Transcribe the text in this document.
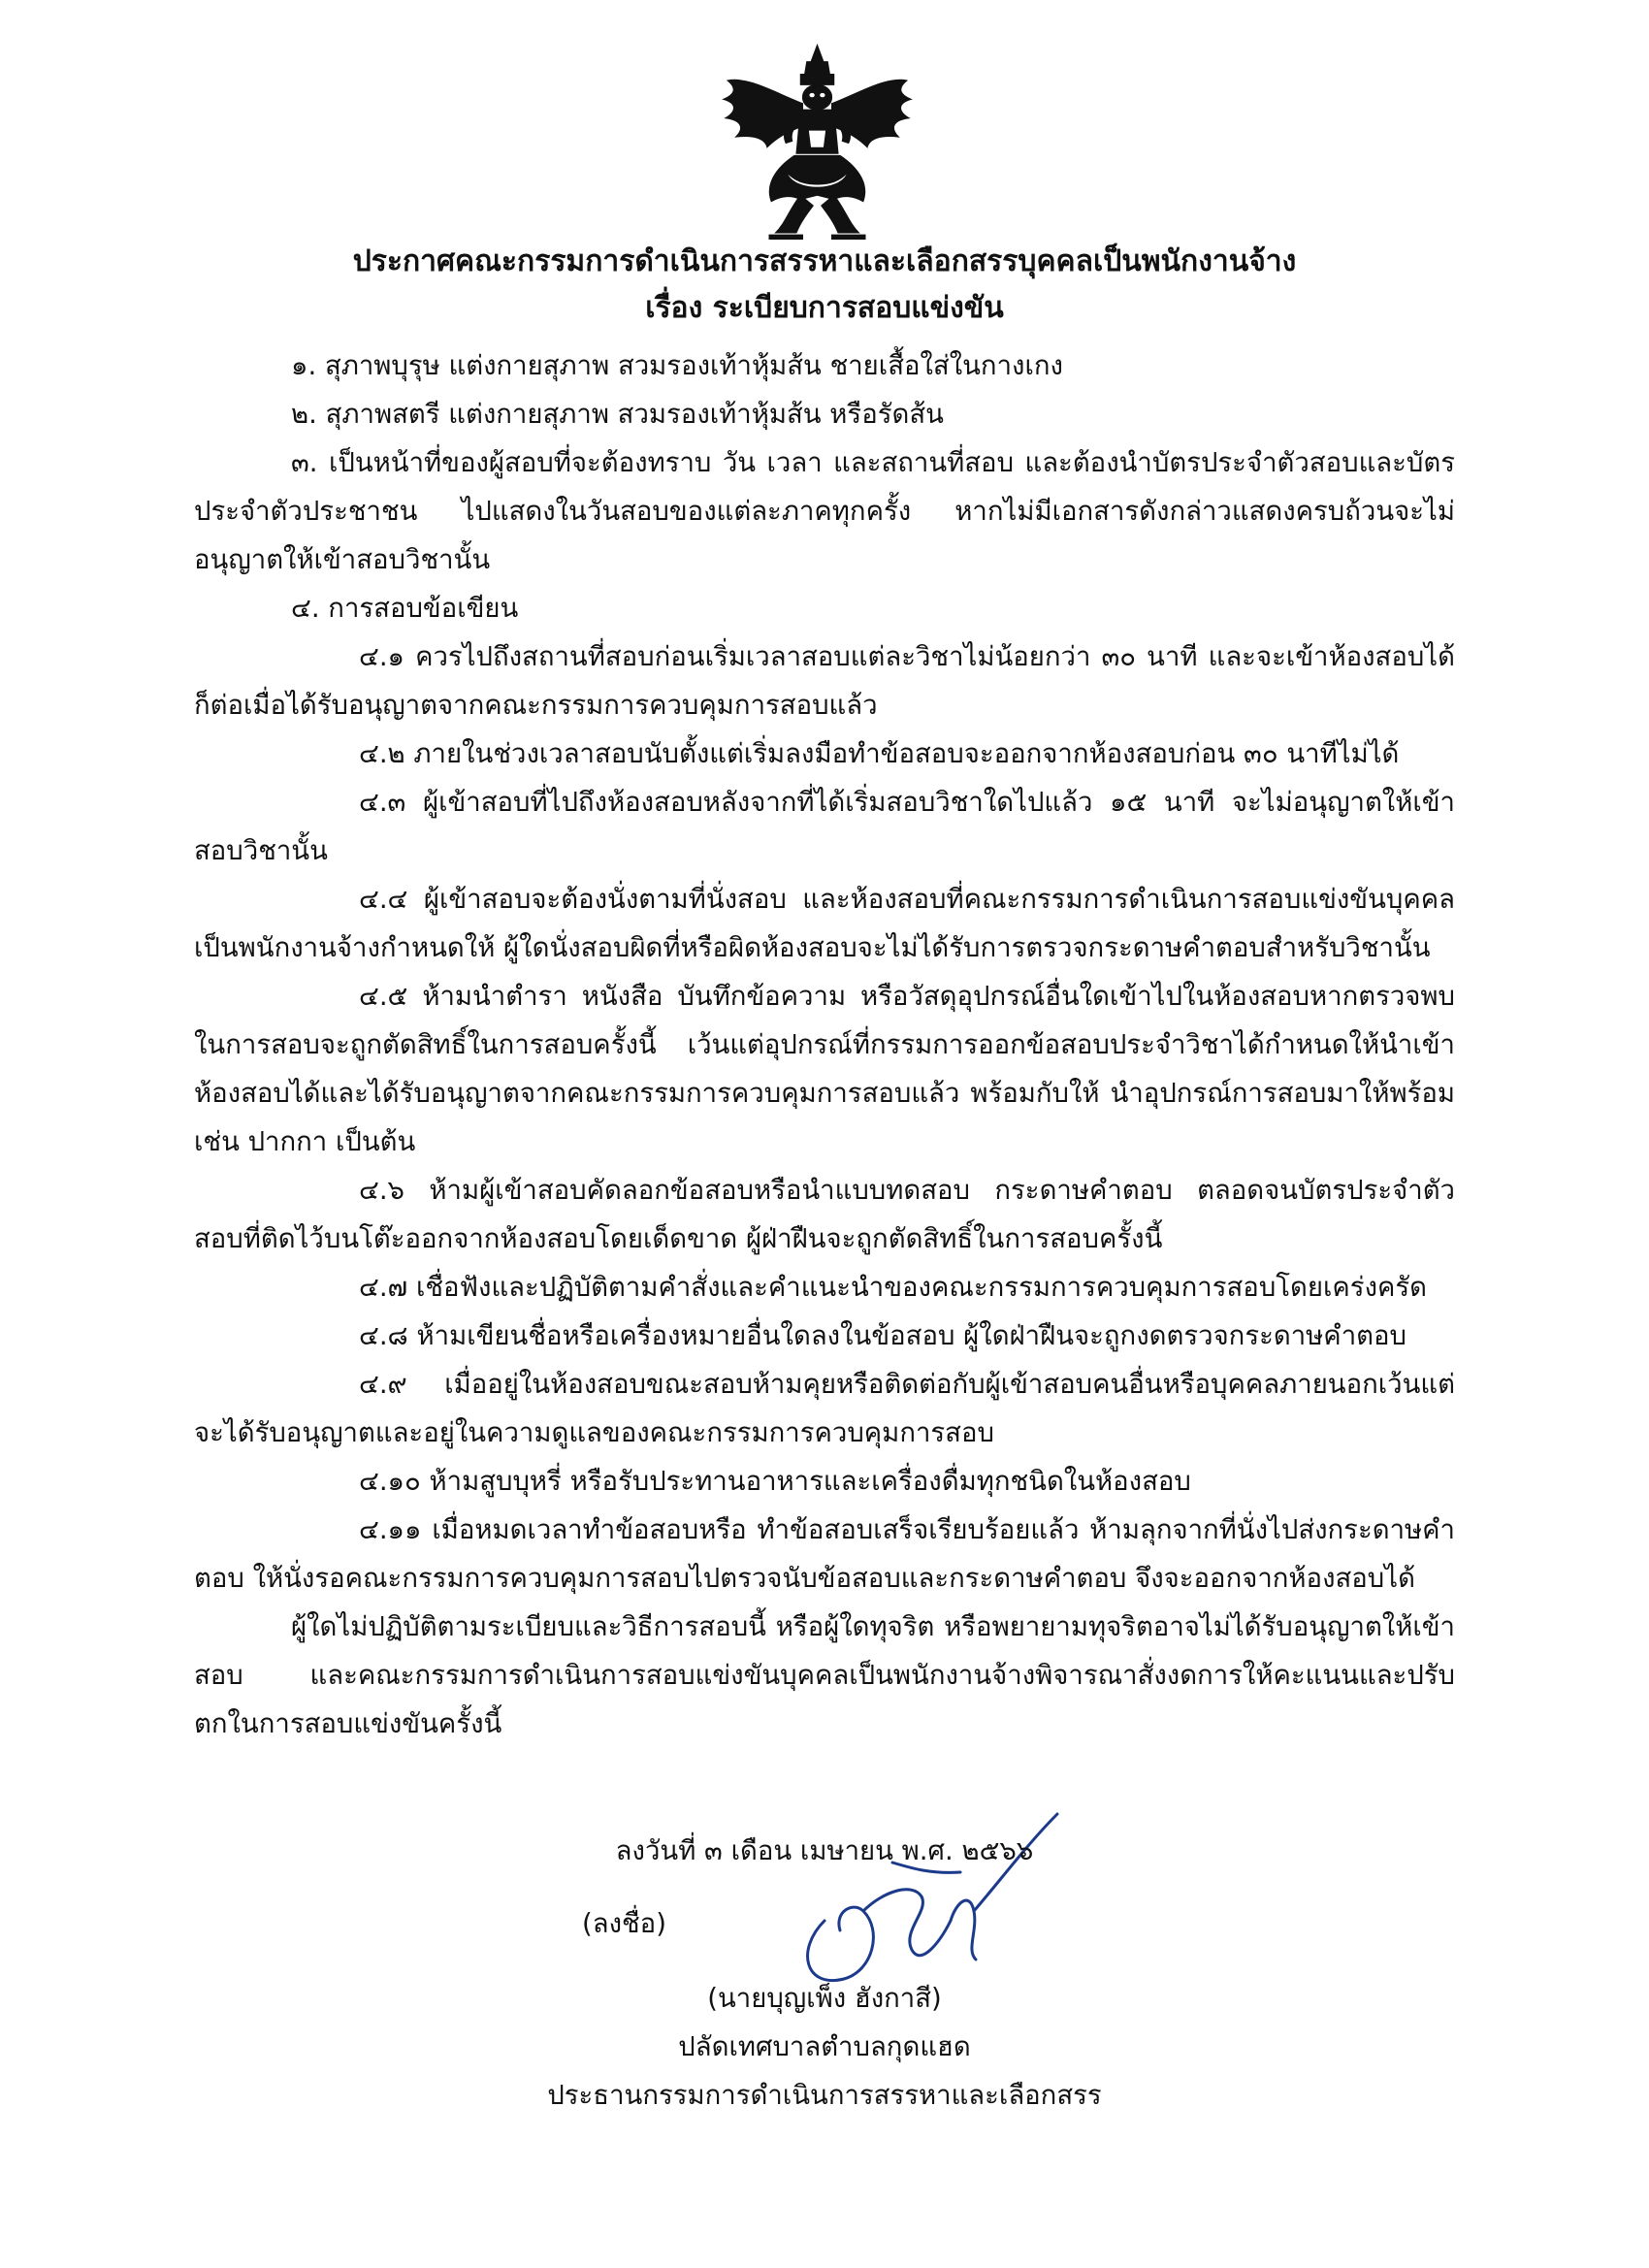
ประกาศคณะกรรมการดำเนินการสรรหาและเลือกสรรบุคคลเป็นพนักงานจ้าง
เรื่อง ระเบียบการสอบแข่งขัน

๑. สุภาพบุรุษ แต่งกายสุภาพ สวมรองเท้าหุ้มส้น ชายเสื้อใส่ในกางเกง

๒. สุภาพสตรี แต่งกายสุภาพ สวมรองเท้าหุ้มส้น หรือรัดส้น

๓. เป็นหน้าที่ของผู้สอบที่จะต้องทราบ วัน เวลา และสถานที่สอบ และต้องนำบัตรประจำตัวสอบและบัตรประจำตัวประชาชน ไปแสดงในวันสอบของแต่ละภาคทุกครั้ง หากไม่มีเอกสารดังกล่าวแสดงครบถ้วนจะไม่อนุญาตให้เข้าสอบวิชานั้น

๔. การสอบข้อเขียน

๔.๑ ควรไปถึงสถานที่สอบก่อนเริ่มเวลาสอบแต่ละวิชาไม่น้อยกว่า ๓๐ นาที และจะเข้าห้องสอบได้ก็ต่อเมื่อได้รับอนุญาตจากคณะกรรมการควบคุมการสอบแล้ว

๔.๒ ภายในช่วงเวลาสอบนับตั้งแต่เริ่มลงมือทำข้อสอบจะออกจากห้องสอบก่อน ๓๐ นาทีไม่ได้

๔.๓ ผู้เข้าสอบที่ไปถึงห้องสอบหลังจากที่ได้เริ่มสอบวิชาใดไปแล้ว ๑๕ นาที จะไม่อนุญาตให้เข้าสอบวิชานั้น

๔.๔ ผู้เข้าสอบจะต้องนั่งตามที่นั่งสอบ และห้องสอบที่คณะกรรมการดำเนินการสอบแข่งขันบุคคลเป็นพนักงานจ้างกำหนดให้ ผู้ใดนั่งสอบผิดที่หรือผิดห้องสอบจะไม่ได้รับการตรวจกระดาษคำตอบสำหรับวิชานั้น

๔.๕ ห้ามนำตำรา หนังสือ บันทึกข้อความ หรือวัสดุอุปกรณ์อื่นใดเข้าไปในห้องสอบหากตรวจพบในการสอบจะถูกตัดสิทธิ์ในการสอบครั้งนี้ เว้นแต่อุปกรณ์ที่กรรมการออกข้อสอบประจำวิชาได้กำหนดให้นำเข้าห้องสอบได้และได้รับอนุญาตจากคณะกรรมการควบคุมการสอบแล้ว พร้อมกับให้ นำอุปกรณ์การสอบมาให้พร้อม เช่น ปากกา เป็นต้น

๔.๖ ห้ามผู้เข้าสอบคัดลอกข้อสอบหรือนำแบบทดสอบ กระดาษคำตอบ ตลอดจนบัตรประจำตัวสอบที่ติดไว้บนโต๊ะออกจากห้องสอบโดยเด็ดขาด ผู้ฝ่าฝืนจะถูกตัดสิทธิ์ในการสอบครั้งนี้

๔.๗ เชื่อฟังและปฏิบัติตามคำสั่งและคำแนะนำของคณะกรรมการควบคุมการสอบโดยเคร่งครัด

๔.๘ ห้ามเขียนชื่อหรือเครื่องหมายอื่นใดลงในข้อสอบ ผู้ใดฝ่าฝืนจะถูกงดตรวจกระดาษคำตอบ

๔.๙ เมื่ออยู่ในห้องสอบขณะสอบห้ามคุยหรือติดต่อกับผู้เข้าสอบคนอื่นหรือบุคคลภายนอกเว้นแต่จะได้รับอนุญาตและอยู่ในความดูแลของคณะกรรมการควบคุมการสอบ

๔.๑๐ ห้ามสูบบุหรี่ หรือรับประทานอาหารและเครื่องดื่มทุกชนิดในห้องสอบ

๔.๑๑ เมื่อหมดเวลาทำข้อสอบหรือ ทำข้อสอบเสร็จเรียบร้อยแล้ว ห้ามลุกจากที่นั่งไปส่งกระดาษคำตอบ ให้นั่งรอคณะกรรมการควบคุมการสอบไปตรวจนับข้อสอบและกระดาษคำตอบ จึงจะออกจากห้องสอบได้

ผู้ใดไม่ปฏิบัติตามระเบียบและวิธีการสอบนี้ หรือผู้ใดทุจริต หรือพยายามทุจริตอาจไม่ได้รับอนุญาตให้เข้าสอบ และคณะกรรมการดำเนินการสอบแข่งขันบุคคลเป็นพนักงานจ้างพิจารณาสั่งงดการให้คะแนนและปรับตกในการสอบแข่งขันครั้งนี้

ลงวันที่ ๓ เดือน เมษายน พ.ศ. ๒๕๖๖
(ลงชื่อ)
(นายบุญเพ็ง ฮังกาสี)
ปลัดเทศบาลตำบลกุดแฮด
ประธานกรรมการดำเนินการสรรหาและเลือกสรร
